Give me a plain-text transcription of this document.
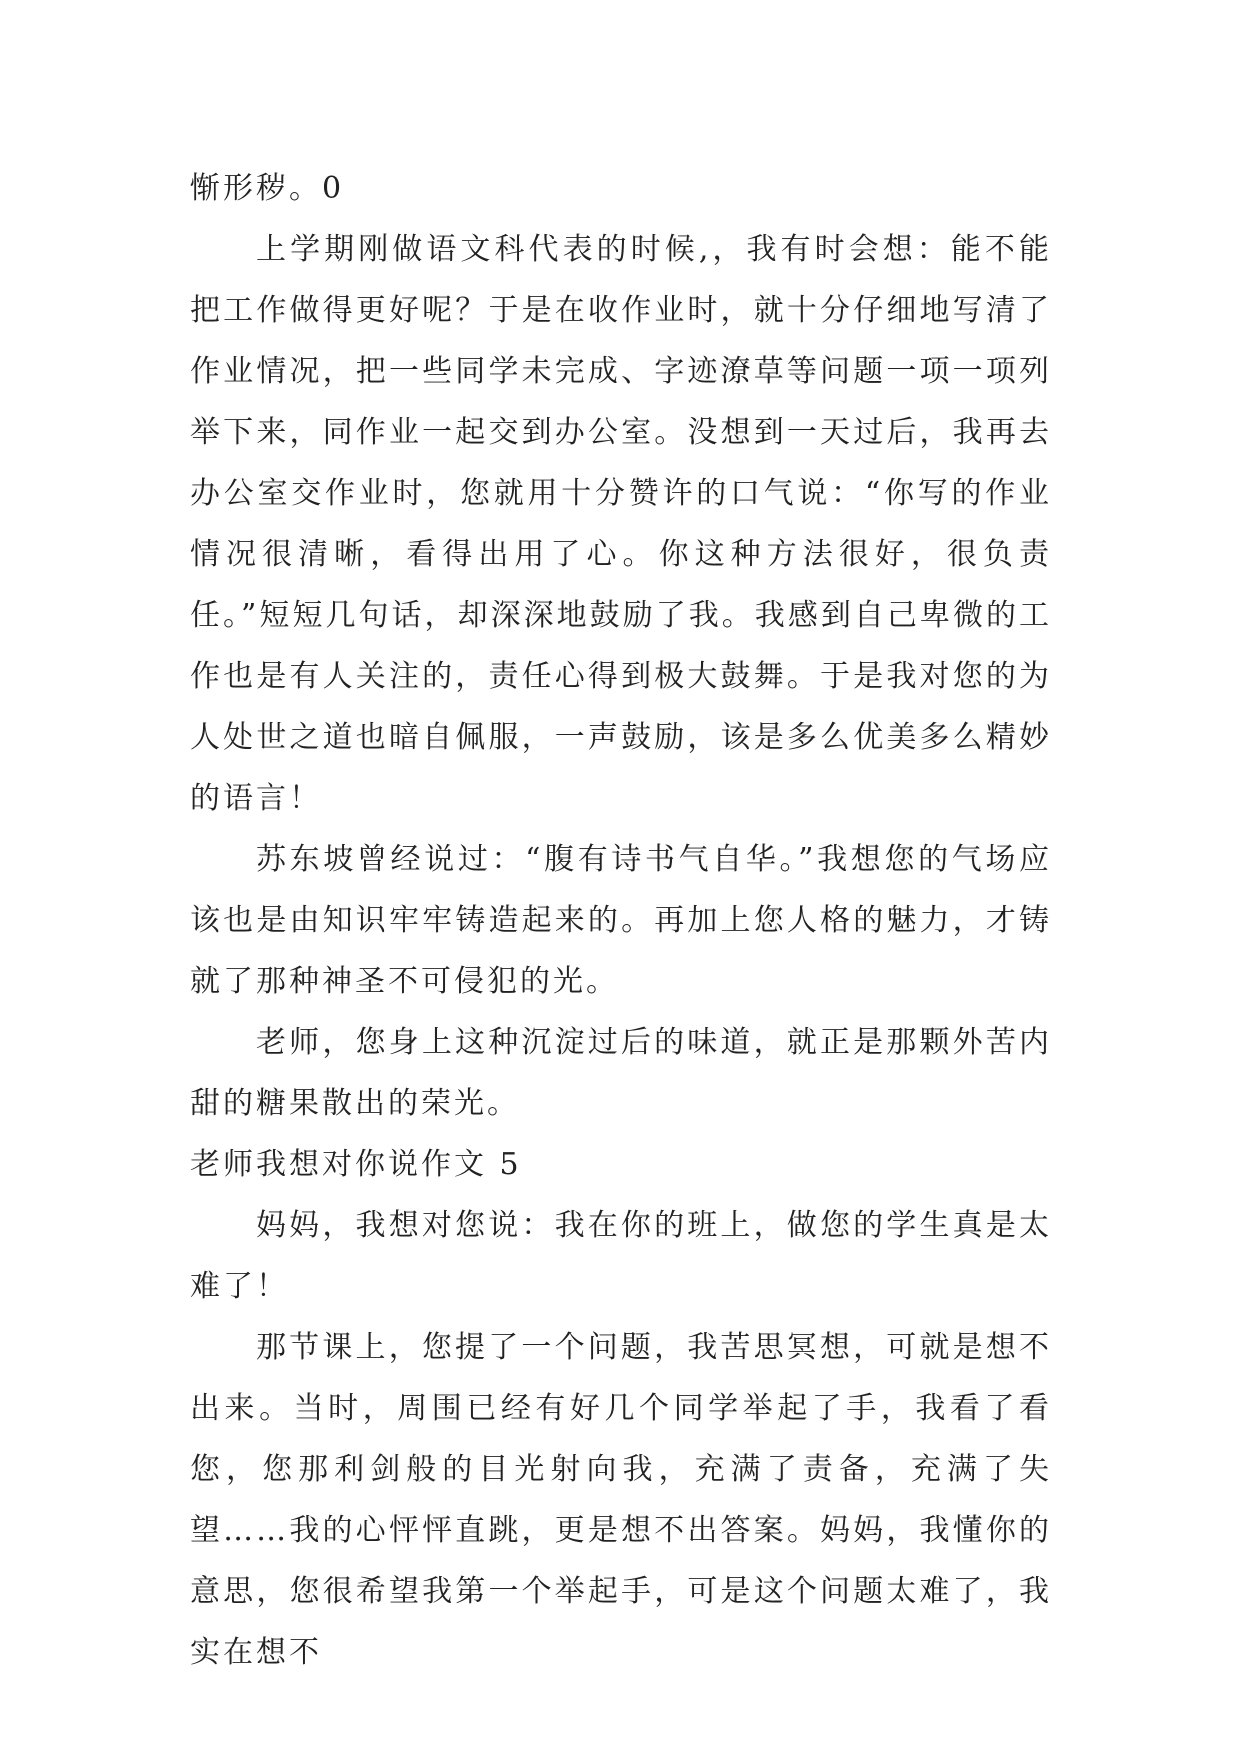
惭形秽。0

上学期刚做语文科代表的时候,，我有时会想：能不能把工作做得更好呢？于是在收作业时，就十分仔细地写清了作业情况，把一些同学未完成、字迹潦草等问题一项一项列举下来，同作业一起交到办公室。没想到一天过后，我再去办公室交作业时，您就用十分赞许的口气说：“你写的作业情况很清晰，看得出用了心。你这种方法很好，很负责任。”短短几句话，却深深地鼓励了我。我感到自己卑微的工作也是有人关注的，责任心得到极大鼓舞。于是我对您的为人处世之道也暗自佩服，一声鼓励，该是多么优美多么精妙的语言！

苏东坡曾经说过：“腹有诗书气自华。”我想您的气场应该也是由知识牢牢铸造起来的。再加上您人格的魅力，才铸就了那种神圣不可侵犯的光。

老师，您身上这种沉淀过后的味道，就正是那颗外苦内甜的糖果散出的荣光。

老师我想对你说作文 5

妈妈，我想对您说：我在你的班上，做您的学生真是太难了！

那节课上，您提了一个问题，我苦思冥想，可就是想不出来。当时，周围已经有好几个同学举起了手，我看了看您，您那利剑般的目光射向我，充满了责备，充满了失望……我的心怦怦直跳，更是想不出答案。妈妈，我懂你的意思，您很希望我第一个举起手，可是这个问题太难了，我实在想不
